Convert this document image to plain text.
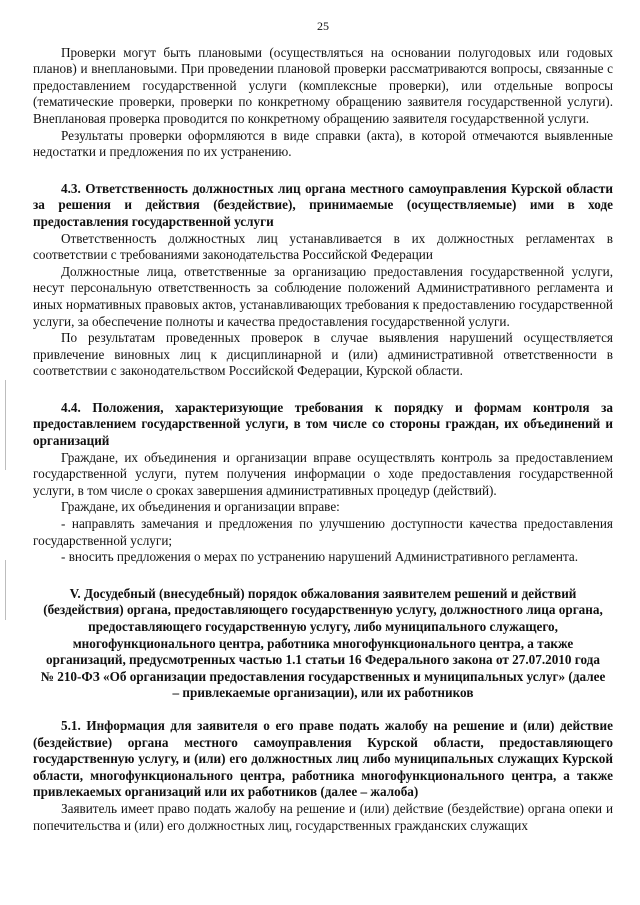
25

Проверки могут быть плановыми (осуществляться на основании полугодовых или годовых планов) и внеплановыми. При проведении плановой проверки рассматриваются вопросы, связанные с предоставлением государственной услуги (комплексные проверки), или отдельные вопросы (тематические проверки, проверки по конкретному обращению заявителя государственной услуги). Внеплановая проверка проводится по конкретному обращению заявителя государственной услуги.

Результаты проверки оформляются в виде справки (акта), в которой отмечаются выявленные недостатки и предложения по их устранению.

4.3. Ответственность должностных лиц органа местного самоуправления Курской области за решения и действия (бездействие), принимаемые (осуществляемые) ими в ходе предоставления государственной услуги

Ответственность должностных лиц устанавливается в их должностных регламентах в соответствии с требованиями законодательства Российской Федерации

Должностные лица, ответственные за организацию предоставления государственной услуги, несут персональную ответственность за соблюдение положений Административного регламента и иных нормативных правовых актов, устанавливающих требования к предоставлению государственной услуги, за обеспечение полноты и качества предоставления государственной услуги.

По результатам проведенных проверок в случае выявления нарушений осуществляется привлечение виновных лиц к дисциплинарной и (или) административной ответственности в соответствии с законодательством Российской Федерации, Курской области.

4.4. Положения, характеризующие требования к порядку и формам контроля за предоставлением государственной услуги, в том числе со стороны граждан, их объединений и организаций

Граждане, их объединения и организации вправе осуществлять контроль за предоставлением государственной услуги, путем получения информации о ходе предоставления государственной услуги, в том числе о сроках завершения административных процедур (действий).

Граждане, их объединения и организации вправе:

- направлять замечания и предложения по улучшению доступности качества предоставления государственной услуги;

- вносить предложения о мерах по устранению нарушений Административного регламента.

V. Досудебный (внесудебный) порядок обжалования заявителем решений и действий (бездействия) органа, предоставляющего государственную услугу, должностного лица органа, предоставляющего государственную услугу, либо муниципального служащего, многофункционального центра, работника многофункционального центра, а также организаций, предусмотренных частью 1.1 статьи 16 Федерального закона от 27.07.2010 года № 210-ФЗ «Об организации предоставления государственных и муниципальных услуг» (далее – привлекаемые организации), или их работников

5.1. Информация для заявителя о его праве подать жалобу на решение и (или) действие (бездействие) органа местного самоуправления Курской области, предоставляющего государственную услугу, и (или) его должностных лиц либо муниципальных служащих Курской области, многофункционального центра, работника многофункционального центра, а также привлекаемых организаций или их работников (далее – жалоба)

Заявитель имеет право подать жалобу на решение и (или) действие (бездействие) органа опеки и попечительства и (или) его должностных лиц, государственных гражданских служащих
